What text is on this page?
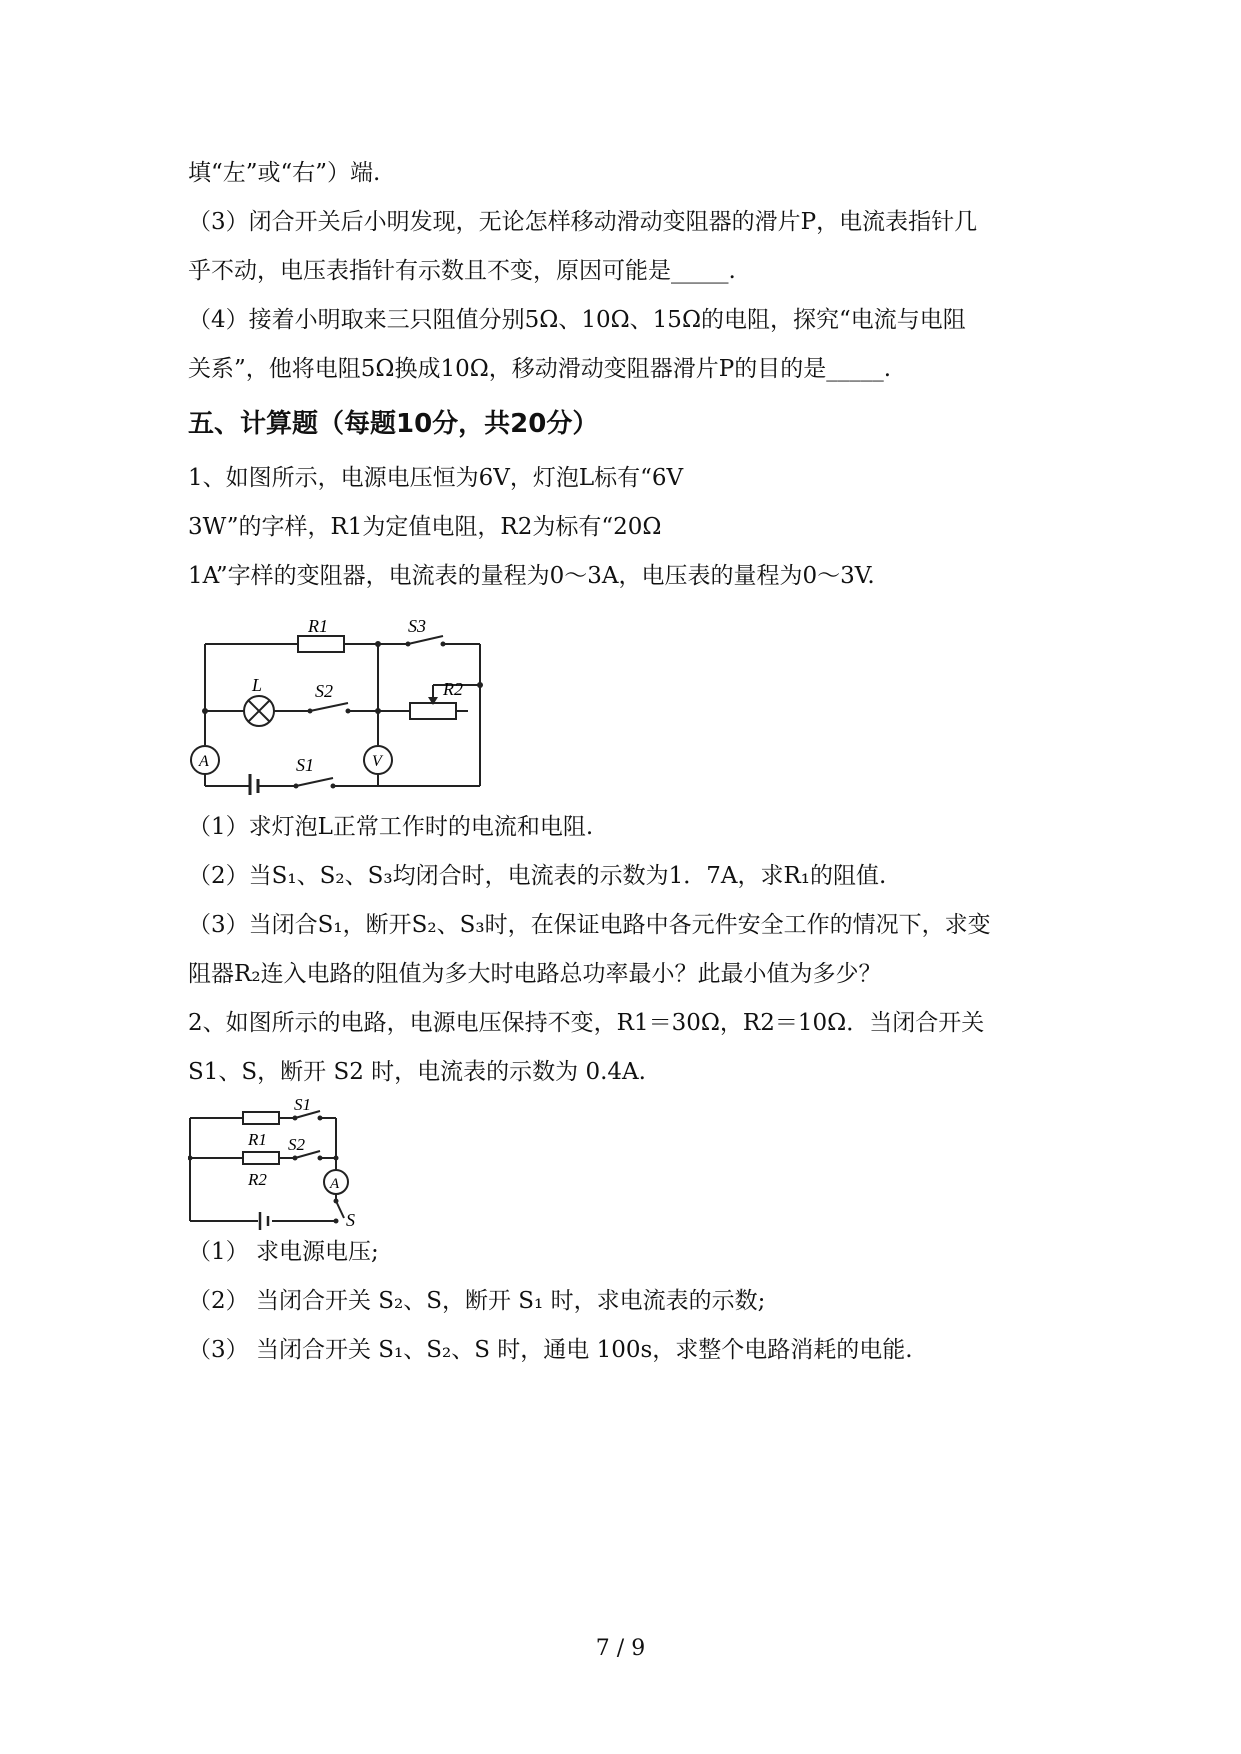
填“左”或“右”）端.
（3）闭合开关后小明发现，无论怎样移动滑动变阻器的滑片P，电流表指针几
乎不动，电压表指针有示数且不变，原因可能是_____.
（4）接着小明取来三只阻值分别5Ω、10Ω、15Ω的电阻，探究“电流与电阻
关系”，他将电阻5Ω换成10Ω，移动滑动变阻器滑片P的目的是_____.
五、计算题（每题10分，共20分）
1、如图所示，电源电压恒为6V，灯泡L标有“6V
3W”的字样，R1为定值电阻，R2为标有“20Ω
1A”字样的变阻器，电流表的量程为0～3A，电压表的量程为0～3V.
R1
L	S2
S3
R2
S1
A	V
（1）求灯泡L正常工作时的电流和电阻.
（2）当S₁、S₂、S₃均闭合时，电流表的示数为1．7A，求R₁的阻值.
（3）当闭合S₁，断开S₂、S₃时，在保证电路中各元件安全工作的情况下，求变
阻器R₂连入电路的阻值为多大时电路总功率最小？此最小值为多少？
2、如图所示的电路，电源电压保持不变，R1＝30Ω，R2＝10Ω．当闭合开关
S1、S，断开 S2 时，电流表的示数为 0.4A.
R1
R2
S1
S2
S
A
（1） 求电源电压;
（2） 当闭合开关 S₂、S，断开 S₁ 时，求电流表的示数;
（3） 当闭合开关 S₁、S₂、S 时，通电 100s，求整个电路消耗的电能.
7 / 9
